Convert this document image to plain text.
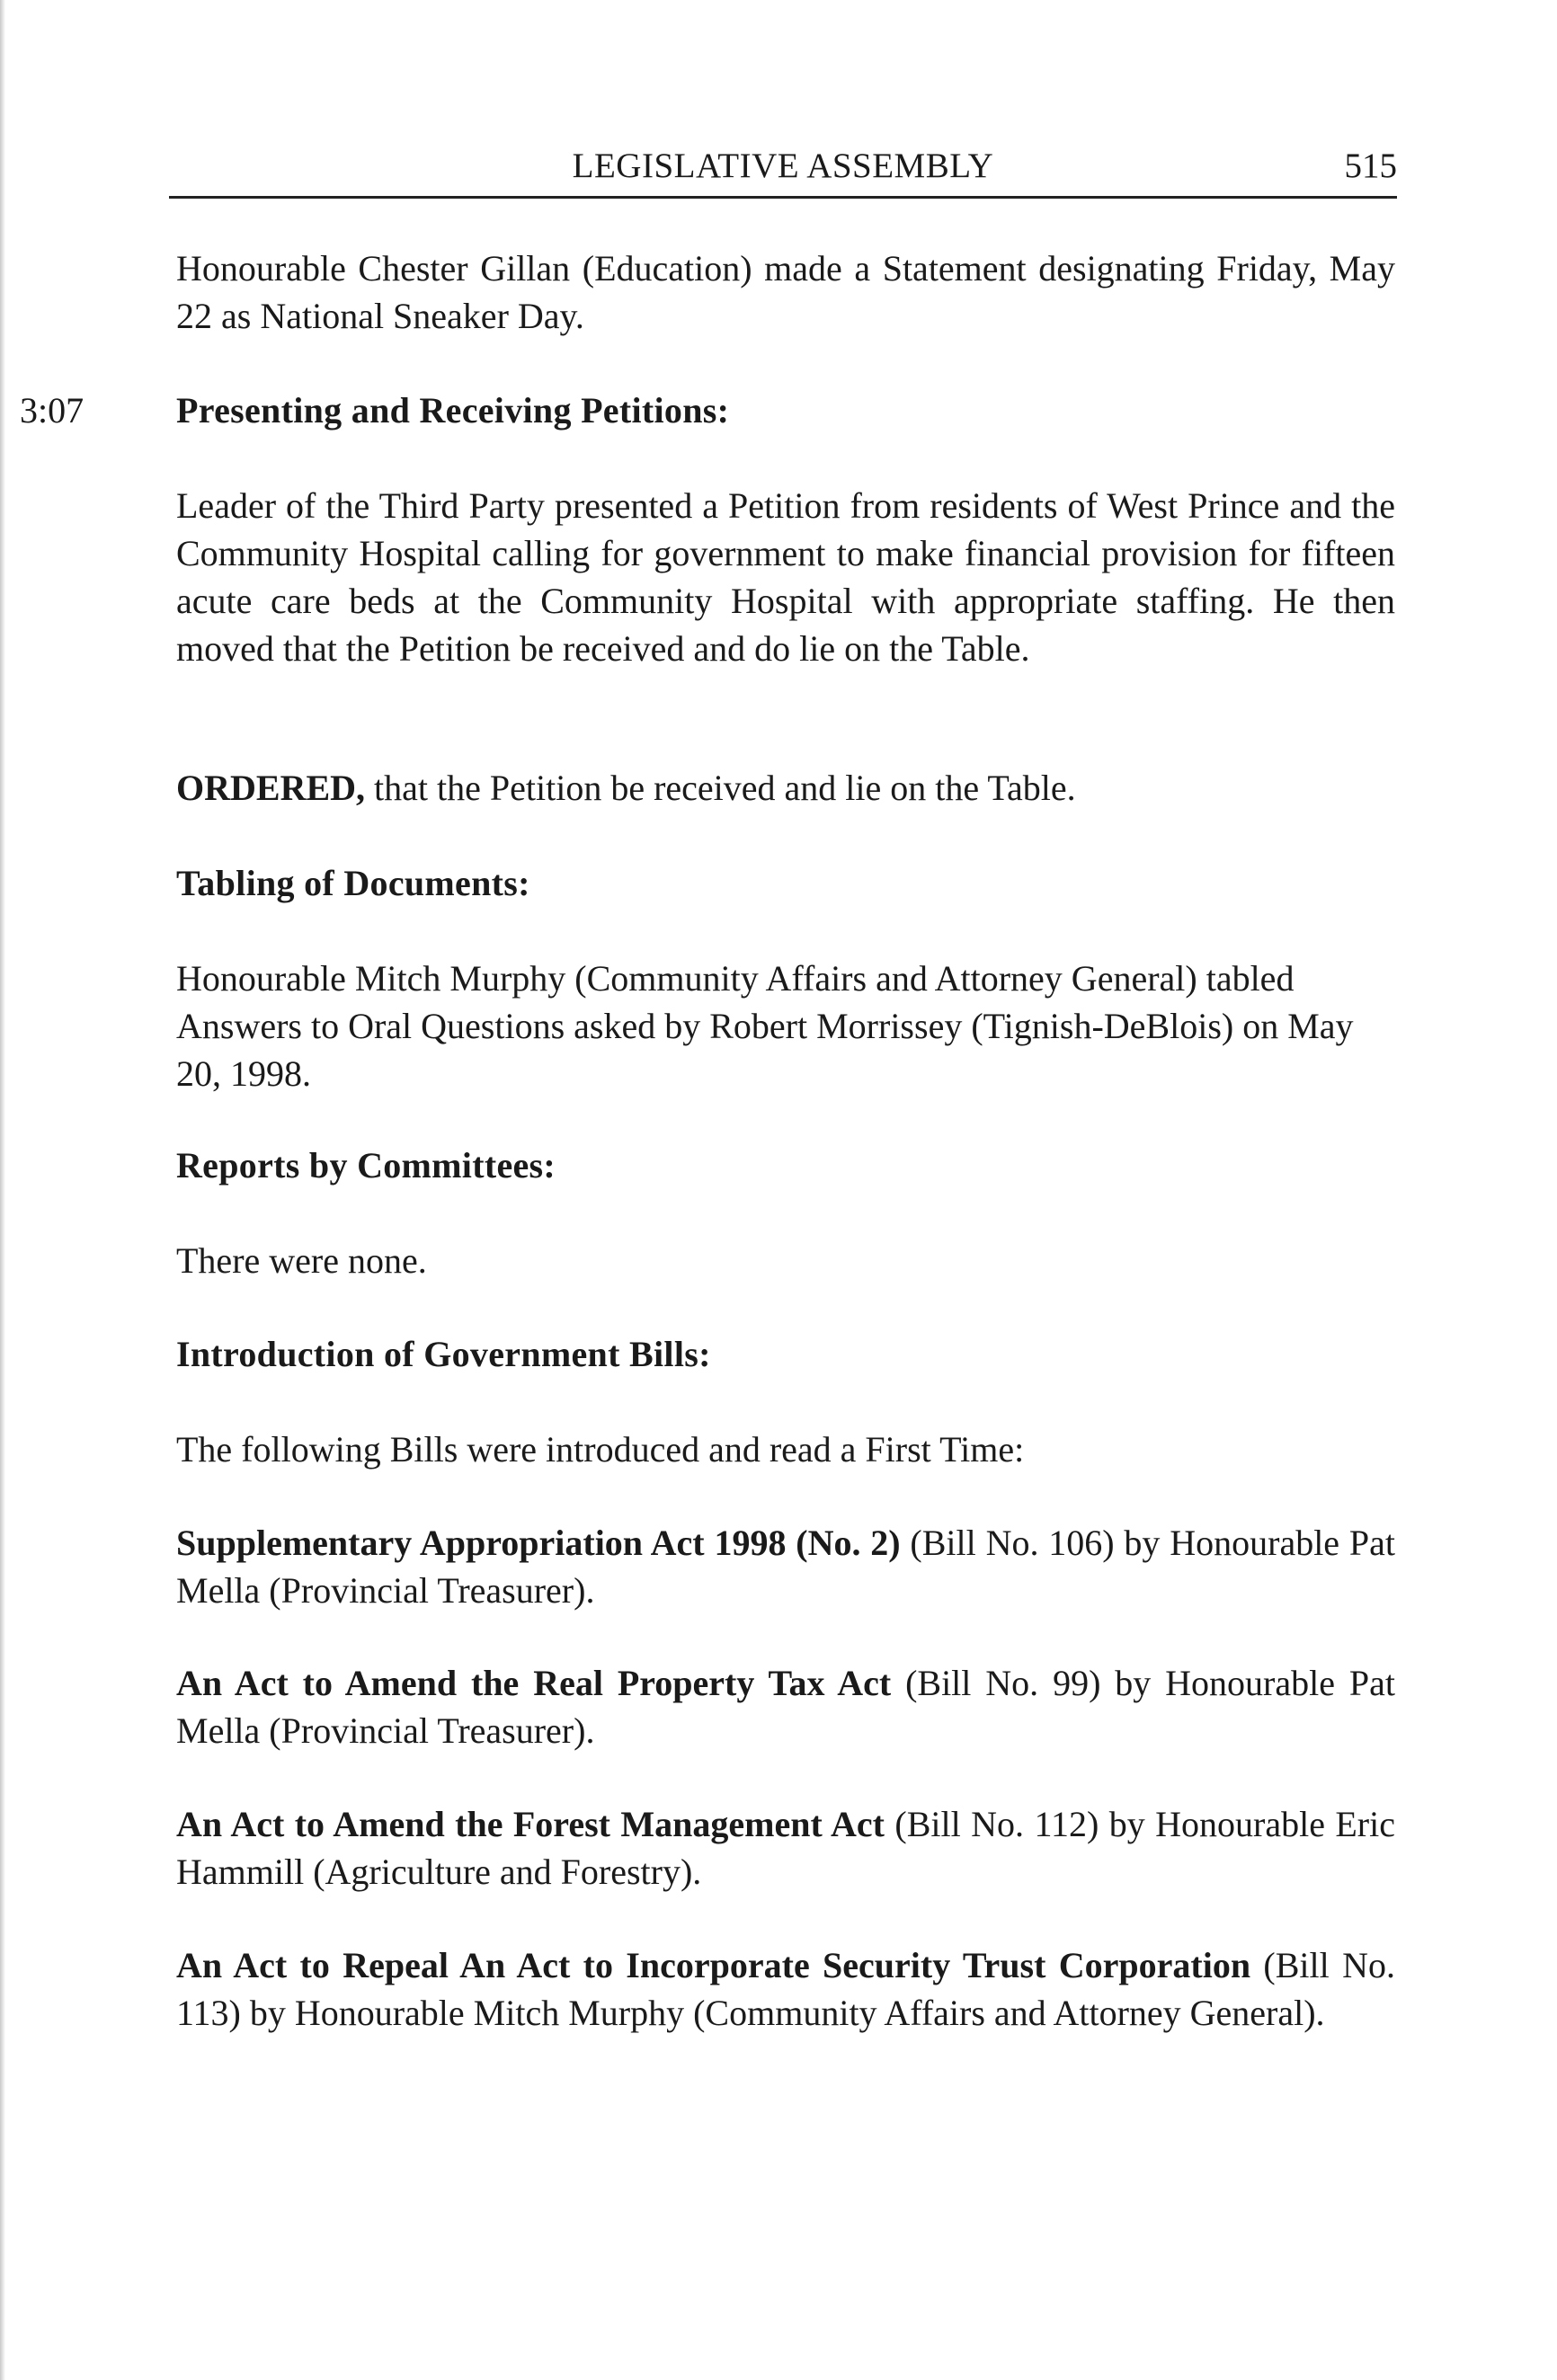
LEGISLATIVE ASSEMBLY	515

Honourable Chester Gillan (Education) made a Statement designating Friday, May 22 as National Sneaker Day.

3:07	Presenting and Receiving Petitions:

Leader of the Third Party presented a Petition from residents of West Prince and the Community Hospital calling for government to make financial provision for fifteen acute care beds at the Community Hospital with appropriate staffing. He then moved that the Petition be received and do lie on the Table.

ORDERED, that the Petition be received and lie on the Table.

Tabling of Documents:

Honourable Mitch Murphy (Community Affairs and Attorney General) tabled Answers to Oral Questions asked by Robert Morrissey (Tignish-DeBlois) on May 20, 1998.

Reports by Committees:

There were none.

Introduction of Government Bills:

The following Bills were introduced and read a First Time:

Supplementary Appropriation Act 1998 (No. 2) (Bill No. 106) by Honourable Pat Mella (Provincial Treasurer).

An Act to Amend the Real Property Tax Act (Bill No. 99) by Honourable Pat Mella (Provincial Treasurer).

An Act to Amend the Forest Management Act (Bill No. 112) by Honourable Eric Hammill (Agriculture and Forestry).

An Act to Repeal An Act to Incorporate Security Trust Corporation (Bill No. 113) by Honourable Mitch Murphy (Community Affairs and Attorney General).
